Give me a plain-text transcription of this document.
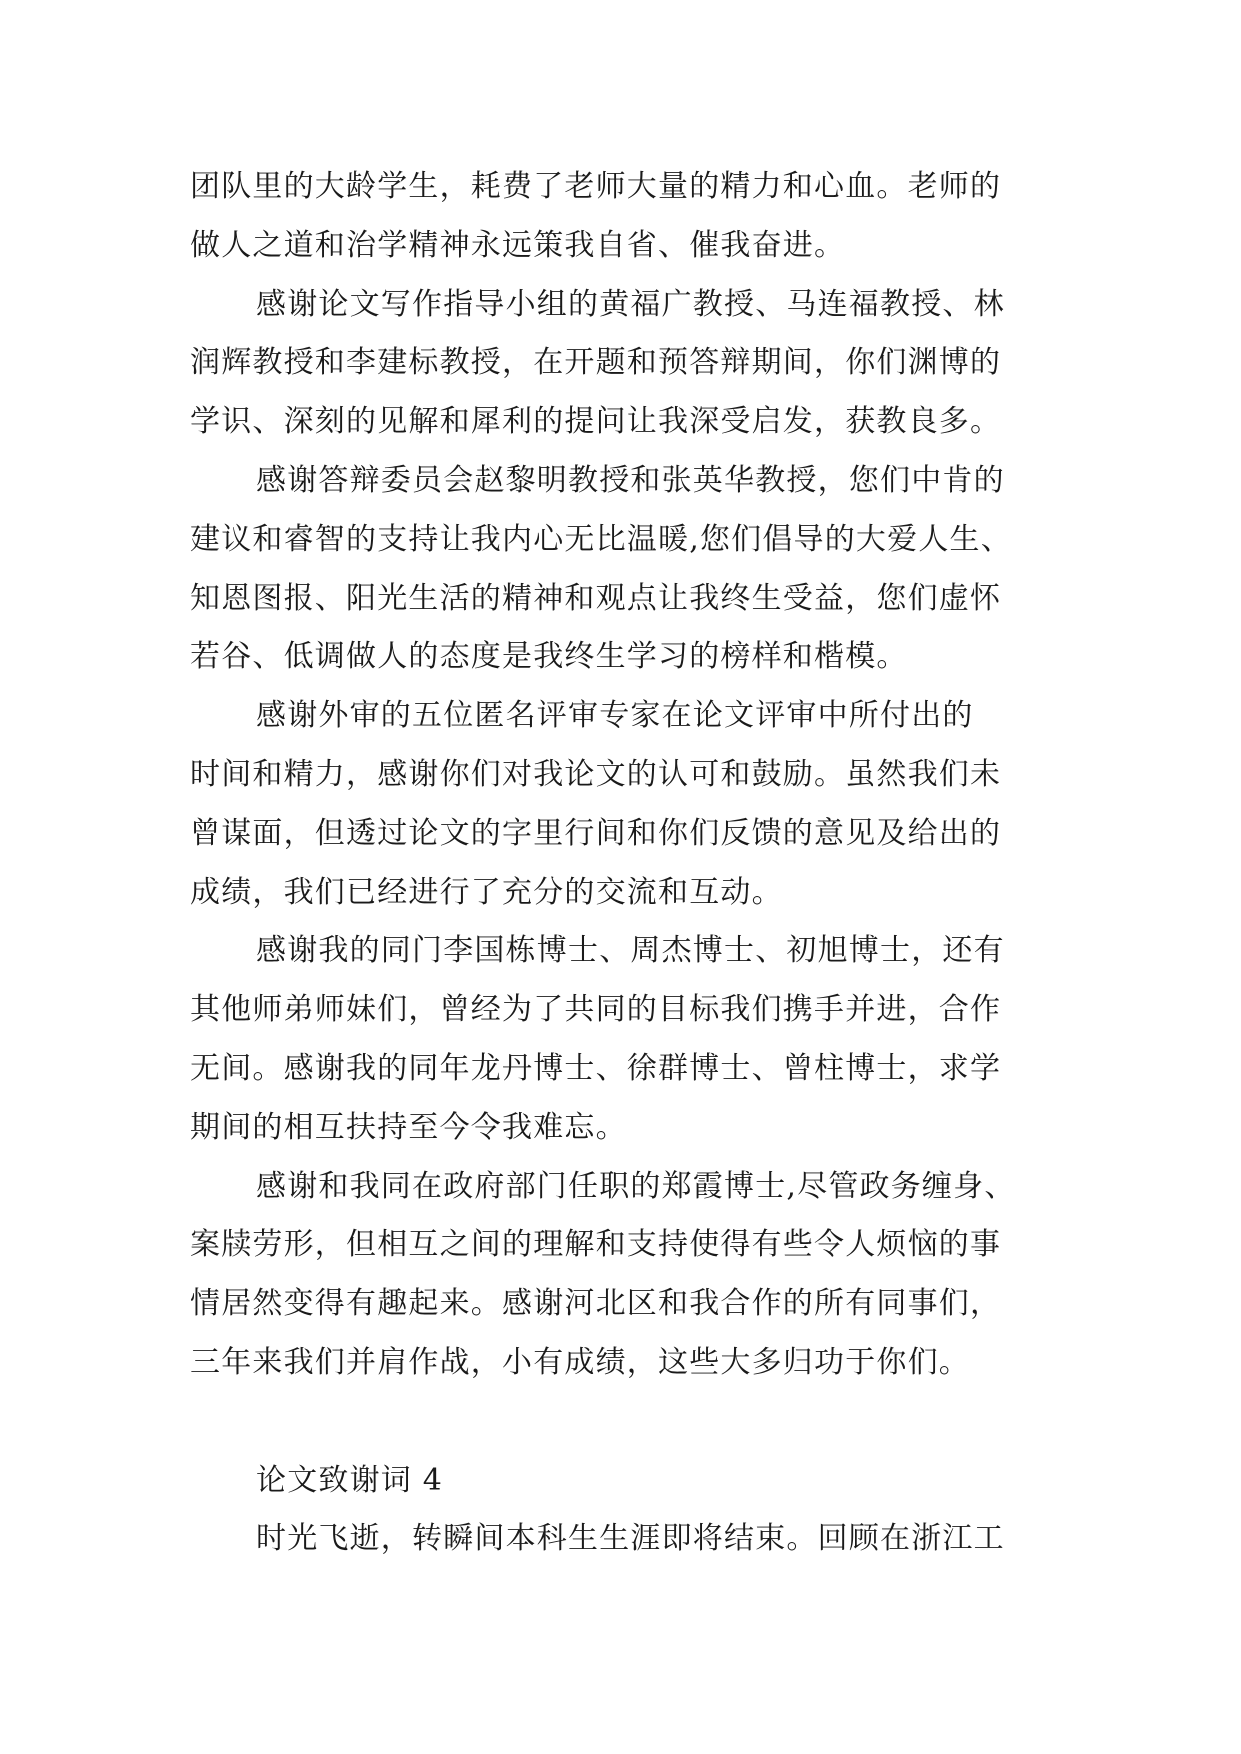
团队里的大龄学生，耗费了老师大量的精力和心血。老师的
做人之道和治学精神永远策我自省、催我奋进。
感谢论文写作指导小组的黄福广教授、马连福教授、林
润辉教授和李建标教授，在开题和预答辩期间，你们渊博的
学识、深刻的见解和犀利的提问让我深受启发，获教良多。
感谢答辩委员会赵黎明教授和张英华教授，您们中肯的
建议和睿智的支持让我内心无比温暖,您们倡导的大爱人生、
知恩图报、阳光生活的精神和观点让我终生受益，您们虚怀
若谷、低调做人的态度是我终生学习的榜样和楷模。
感谢外审的五位匿名评审专家在论文评审中所付出的
时间和精力，感谢你们对我论文的认可和鼓励。虽然我们未
曾谋面，但透过论文的字里行间和你们反馈的意见及给出的
成绩，我们已经进行了充分的交流和互动。
感谢我的同门李国栋博士、周杰博士、初旭博士，还有
其他师弟师妹们，曾经为了共同的目标我们携手并进，合作
无间。感谢我的同年龙丹博士、徐群博士、曾柱博士，求学
期间的相互扶持至今令我难忘。
感谢和我同在政府部门任职的郑霞博士,尽管政务缠身、
案牍劳形，但相互之间的理解和支持使得有些令人烦恼的事
情居然变得有趣起来。感谢河北区和我合作的所有同事们，
三年来我们并肩作战，小有成绩，这些大多归功于你们。
论文致谢词 4
时光飞逝，转瞬间本科生生涯即将结束。回顾在浙江工
